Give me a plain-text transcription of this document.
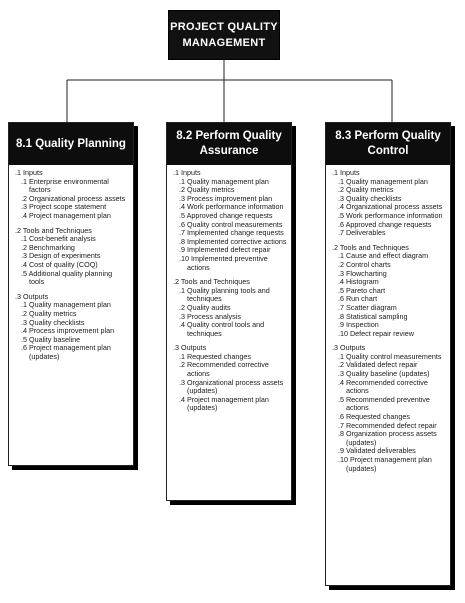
PROJECT QUALITY
MANAGEMENT
8.1 Quality Planning
.1 Inputs
.1 Enterprise environmental factors
.2 Organizational process assets
.3 Project scope statement
.4 Project management plan
.2 Tools and Techniques
.1 Cost-benefit analysis
.2 Benchmarking
.3 Design of experiments
.4 Cost of quality (COQ)
.5 Additional quality planning tools
.3 Outputs
.1 Quality management plan
.2 Quality metrics
.3 Quality checklists
.4 Process improvement plan
.5 Quality baseline
.6 Project management plan (updates)
8.2 Perform Quality
Assurance
.1 Inputs
.1 Quality management plan
.2 Quality metrics
.3 Process improvement plan
.4 Work performance information
.5 Approved change requests
.6 Quality control measurements
.7 Implemented change requests
.8 Implemented corrective actions
.9 Implemented defect repair
.10 Implemented preventive actions
.2 Tools and Techniques
.1 Quality planning tools and techniques
.2 Quality audits
.3 Process analysis
.4 Quality control tools and techniques
.3 Outputs
.1 Requested changes
.2 Recommended corrective actions
.3 Organizational process assets (updates)
.4 Project management plan (updates)
8.3 Perform Quality
Control
.1 Inputs
.1 Quality management plan
.2 Quality metrics
.3 Quality checklists
.4 Organizational process assets
.5 Work performance information
.6 Approved change requests
.7 Deliverables
.2 Tools and Techniques
.1 Cause and effect diagram
.2 Control charts
.3 Flowcharting
.4 Histogram
.5 Pareto chart
.6 Run chart
.7 Scatter diagram
.8 Statistical sampling
.9 Inspection
.10 Defect repair review
.3 Outputs
.1 Quality control measurements
.2 Validated defect repair
.3 Quality baseline (updates)
.4 Recommended corrective actions
.5 Recommended preventive actions
.6 Requested changes
.7 Recommended defect repair
.8 Organization process assets (updates)
.9 Validated deliverables
.10 Project management plan (updates)
